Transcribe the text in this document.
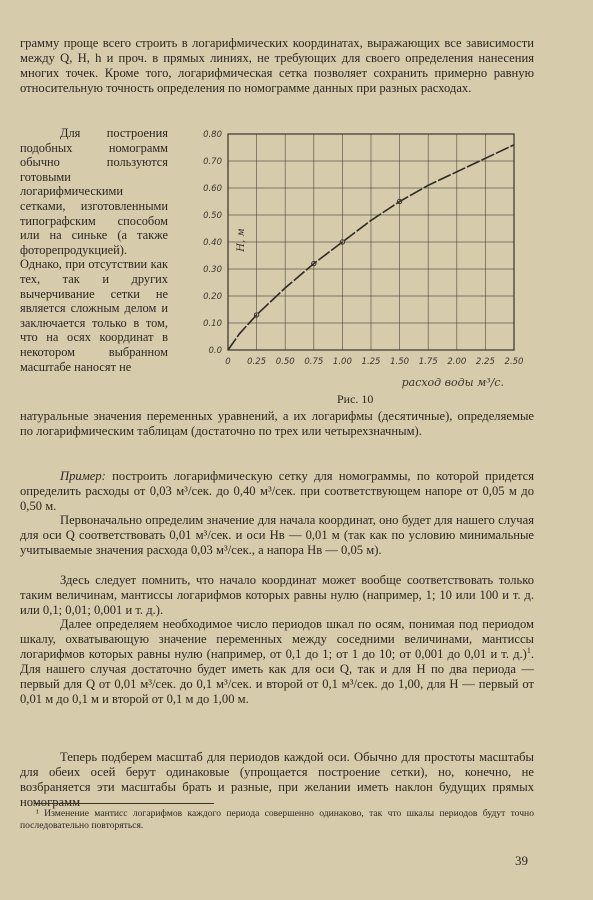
грамму проще всего строить в логарифмических координатах, выражающих все зависимости между Q, H, h и проч. в прямых линиях, не требующих для своего определения нанесения многих точек. Кроме того, логарифмическая сетка позволяет сохранить примерно равную относительную точность определения по номограмме данных при разных расходах.

Для построения подобных номограмм обычно пользуются готовыми логарифмическими сетками, изготовленными типографским способом или на синьке (а также фоторепродукцией). Однако, при отсутствии как тех, так и других вычерчивание сетки не является сложным делом и заключается только в том, что на осях координат в некотором выбранном масштабе наносят не	0 0.25 0.50 0.75 1.00 1.25 1.50 1.75 2.00 2.25 2.50
0.0
0.10
0.20
0.30
0.40
0.50
0.60
0.70
0.80
расход воды м³/с.
H, м
Рис. 10

натуральные значения переменных уравнений, а их логарифмы (десятичные), определяемые по логарифмическим таблицам (достаточно по трех или четырехзначным).

Пример: построить логарифмическую сетку для номограммы, по которой придется определить расходы от 0,03 м³/сек. до 0,40 м³/сек. при соответствующем напоре от 0,05 м до 0,50 м.

Первоначально определим значение для начала координат, оно будет для нашего случая для оси Q соответствовать 0,01 м³/сек. и оси Hв — 0,01 м (так как по условию минимальные учитываемые значения расхода 0,03 м³/сек., а напора Hв — 0,05 м).

Здесь следует помнить, что начало координат может вообще соответствовать только таким величинам, мантиссы логарифмов которых равны нулю (например, 1; 10 или 100 и т. д. или 0,1; 0,01; 0,001 и т. д.).

Далее определяем необходимое число периодов шкал по осям, понимая под периодом шкалу, охватывающую значение переменных между соседними величинами, мантиссы логарифмов которых равны нулю (например, от 0,1 до 1; от 1 до 10; от 0,001 до 0,01 и т. д.)$^1$. Для нашего случая достаточно будет иметь как для оси Q, так и для H по два периода — первый для Q от 0,01 м³/сек. до 0,1 м³/сек. и второй от 0,1 м³/сек. до 1,00, для H — первый от 0,01 м до 0,1 м и второй от 0,1 м до 1,00 м.

Теперь подберем масштаб для периодов каждой оси. Обычно для простоты масштабы для обеих осей берут одинаковые (упрощается построение сетки), но, конечно, не возбраняется эти масштабы брать и разные, при желании иметь наклон будущих прямых номограмм

¹ Изменение мантисс логарифмов каждого периода совершенно одинаково, так что шкалы периодов будут точно последовательно повторяться.

39
